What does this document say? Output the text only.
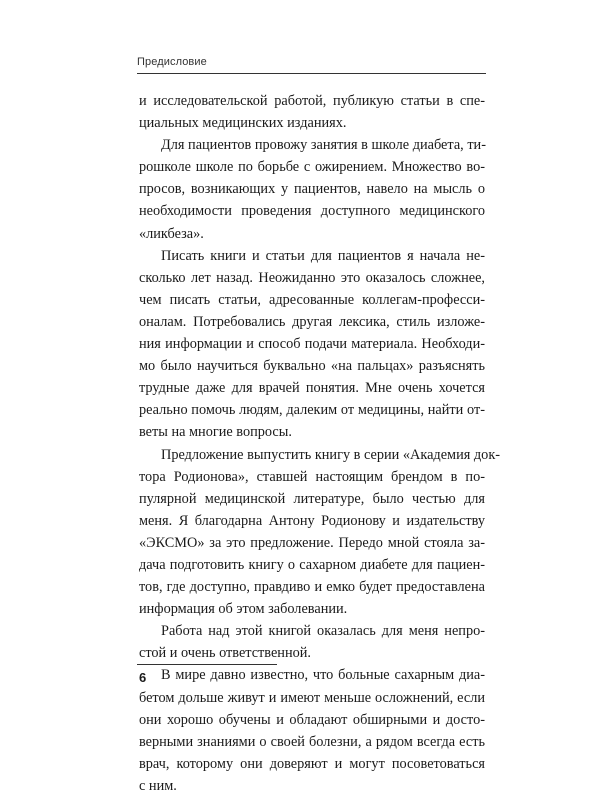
Предисловие
и исследовательской работой, публикую статьи в спе-
циальных медицинских изданиях.
Для пациентов провожу занятия в школе диабета, ти-
рошколе школе по борьбе с ожирением. Множество во-
просов, возникающих у пациентов, навело на мысль о
необходимости проведения доступного медицинского
«ликбеза».
Писать книги и статьи для пациентов я начала не-
сколько лет назад. Неожиданно это оказалось сложнее,
чем писать статьи, адресованные коллегам-професси-
оналам. Потребовались другая лексика, стиль изложе-
ния информации и способ подачи материала. Необходи-
мо было научиться буквально «на пальцах» разъяснять
трудные даже для врачей понятия. Мне очень хочется
реально помочь людям, далеким от медицины, найти от-
веты на многие вопросы.
Предложение выпустить книгу в серии «Академия док-
тора Родионова», ставшей настоящим брендом в по-
пулярной медицинской литературе, было честью для
меня. Я благодарна Антону Родионову и издательству
«ЭКСМО» за это предложение. Передо мной стояла за-
дача подготовить книгу о сахарном диабете для пациен-
тов, где доступно, правдиво и емко будет предоставлена
информация об этом заболевании.
Работа над этой книгой оказалась для меня непро-
стой и очень ответственной.
В мире давно известно, что больные сахарным диа-
бетом дольше живут и имеют меньше осложнений, если
они хорошо обучены и обладают обширными и досто-
верными знаниями о своей болезни, а рядом всегда есть
врач, которому они доверяют и могут посоветоваться
с ним.
6
